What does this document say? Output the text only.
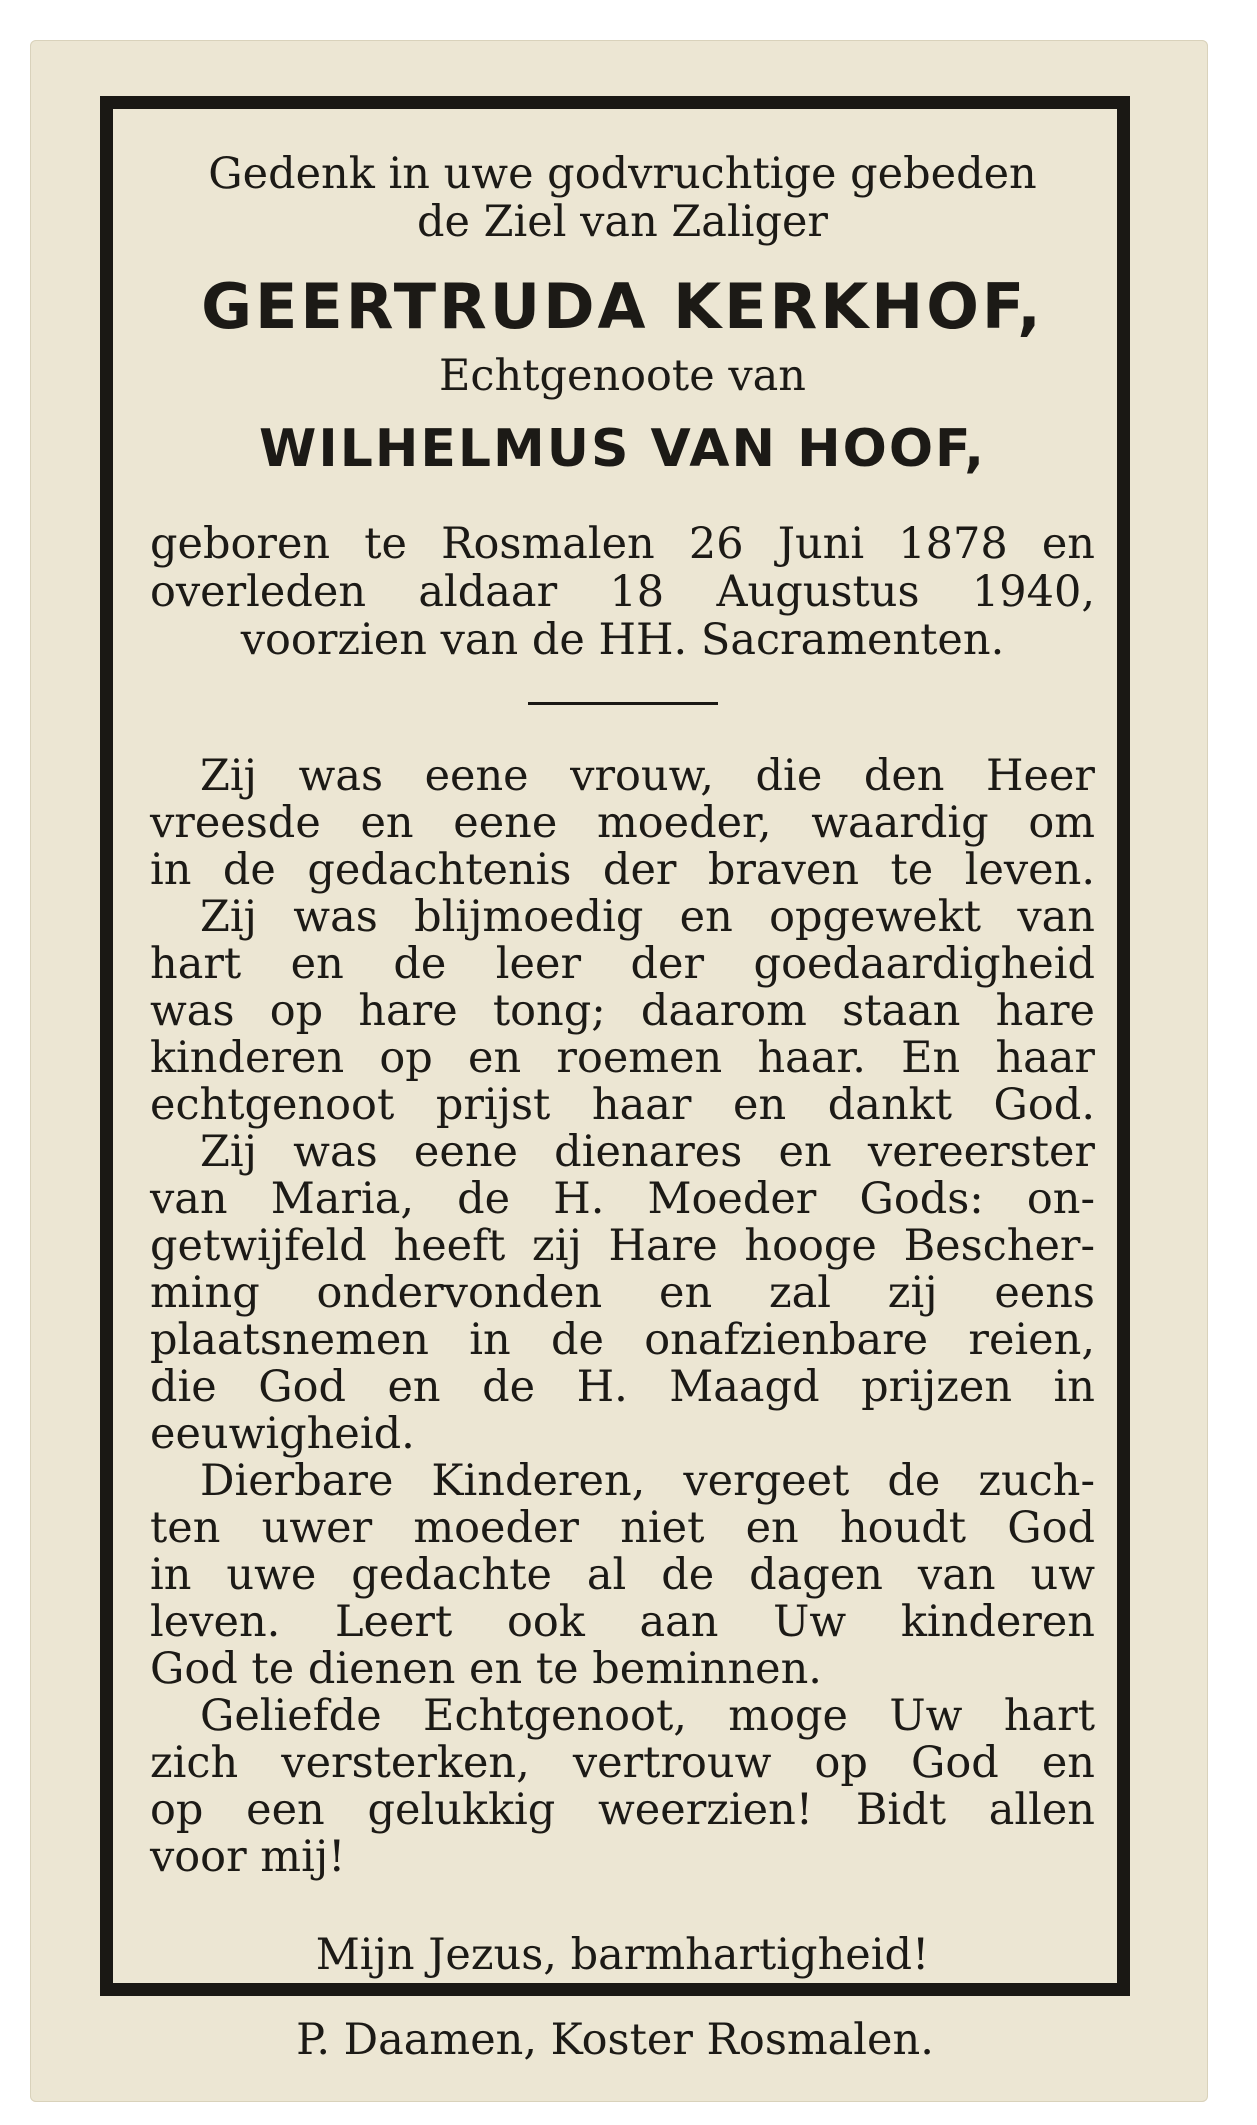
Gedenk in uwe godvruchtige gebeden

de Ziel van Zaliger

GEERTRUDA KERKHOF,

Echtgenoote van

WILHELMUS VAN HOOF,
geboren te Rosmalen 26 Juni 1878 en
overleden aldaar 18 Augustus 1940,
voorzien van de HH. Sacramenten.
Zij was eene vrouw, die den Heer
vreesde en eene moeder, waardig om
in de gedachtenis der braven te leven.
Zij was blijmoedig en opgewekt van
hart en de leer der goedaardigheid
was op hare tong; daarom staan hare
kinderen op en roemen haar. En haar
echtgenoot prijst haar en dankt God.
Zij was eene dienares en vereerster
van Maria, de H. Moeder Gods: on-
getwijfeld heeft zij Hare hooge Bescher-
ming ondervonden en zal zij eens
plaatsnemen in de onafzienbare reien,
die God en de H. Maagd prijzen in
eeuwigheid.
Dierbare Kinderen, vergeet de zuch-
ten uwer moeder niet en houdt God
in uwe gedachte al de dagen van uw
leven. Leert ook aan Uw kinderen
God te dienen en te beminnen.
Geliefde Echtgenoot, moge Uw hart
zich versterken, vertrouw op God en
op een gelukkig weerzien! Bidt allen
voor mij!
Mijn Jezus, barmhartigheid!
P. Daamen, Koster Rosmalen.
